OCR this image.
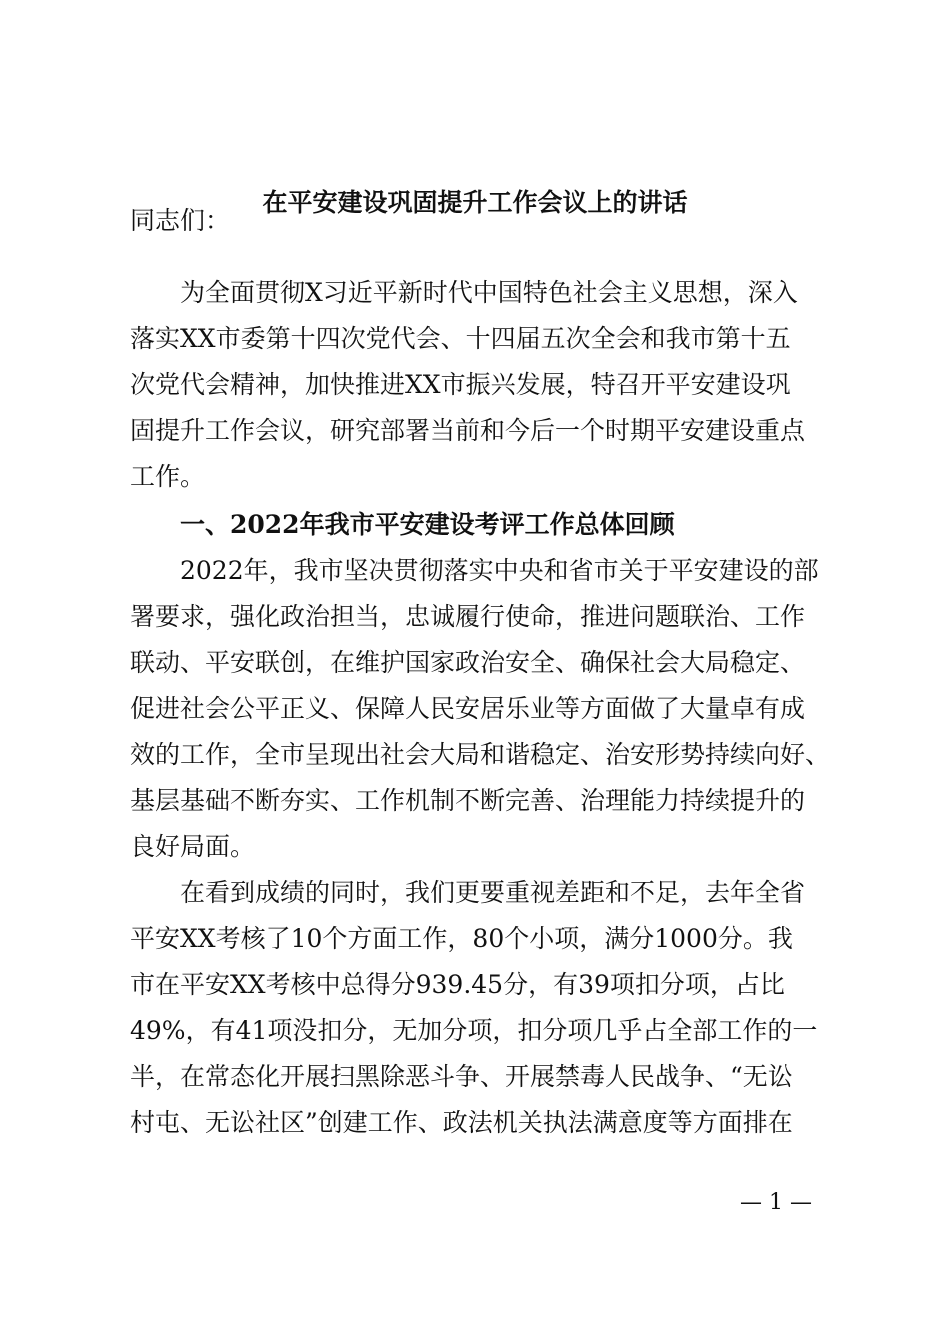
在平安建设巩固提升工作会议上的讲话
同志们：
　　为全面贯彻X习近平新时代中国特色社会主义思想，深入
落实XX市委第十四次党代会、十四届五次全会和我市第十五
次党代会精神，加快推进XX市振兴发展，特召开平安建设巩
固提升工作会议，研究部署当前和今后一个时期平安建设重点
工作。
一、2022年我市平安建设考评工作总体回顾
　　2022年，我市坚决贯彻落实中央和省市关于平安建设的部
署要求，强化政治担当，忠诚履行使命，推进问题联治、工作
联动、平安联创，在维护国家政治安全、确保社会大局稳定、
促进社会公平正义、保障人民安居乐业等方面做了大量卓有成
效的工作，全市呈现出社会大局和谐稳定、治安形势持续向好、
基层基础不断夯实、工作机制不断完善、治理能力持续提升的
良好局面。
　　在看到成绩的同时，我们更要重视差距和不足，去年全省
平安XX考核了10个方面工作，80个小项，满分1000分。我
市在平安XX考核中总得分939.45分，有39项扣分项，占比
49%，有41项没扣分，无加分项，扣分项几乎占全部工作的一
半，在常态化开展扫黑除恶斗争、开展禁毒人民战争、“无讼
村屯、无讼社区”创建工作、政法机关执法满意度等方面排在
— 1 —
